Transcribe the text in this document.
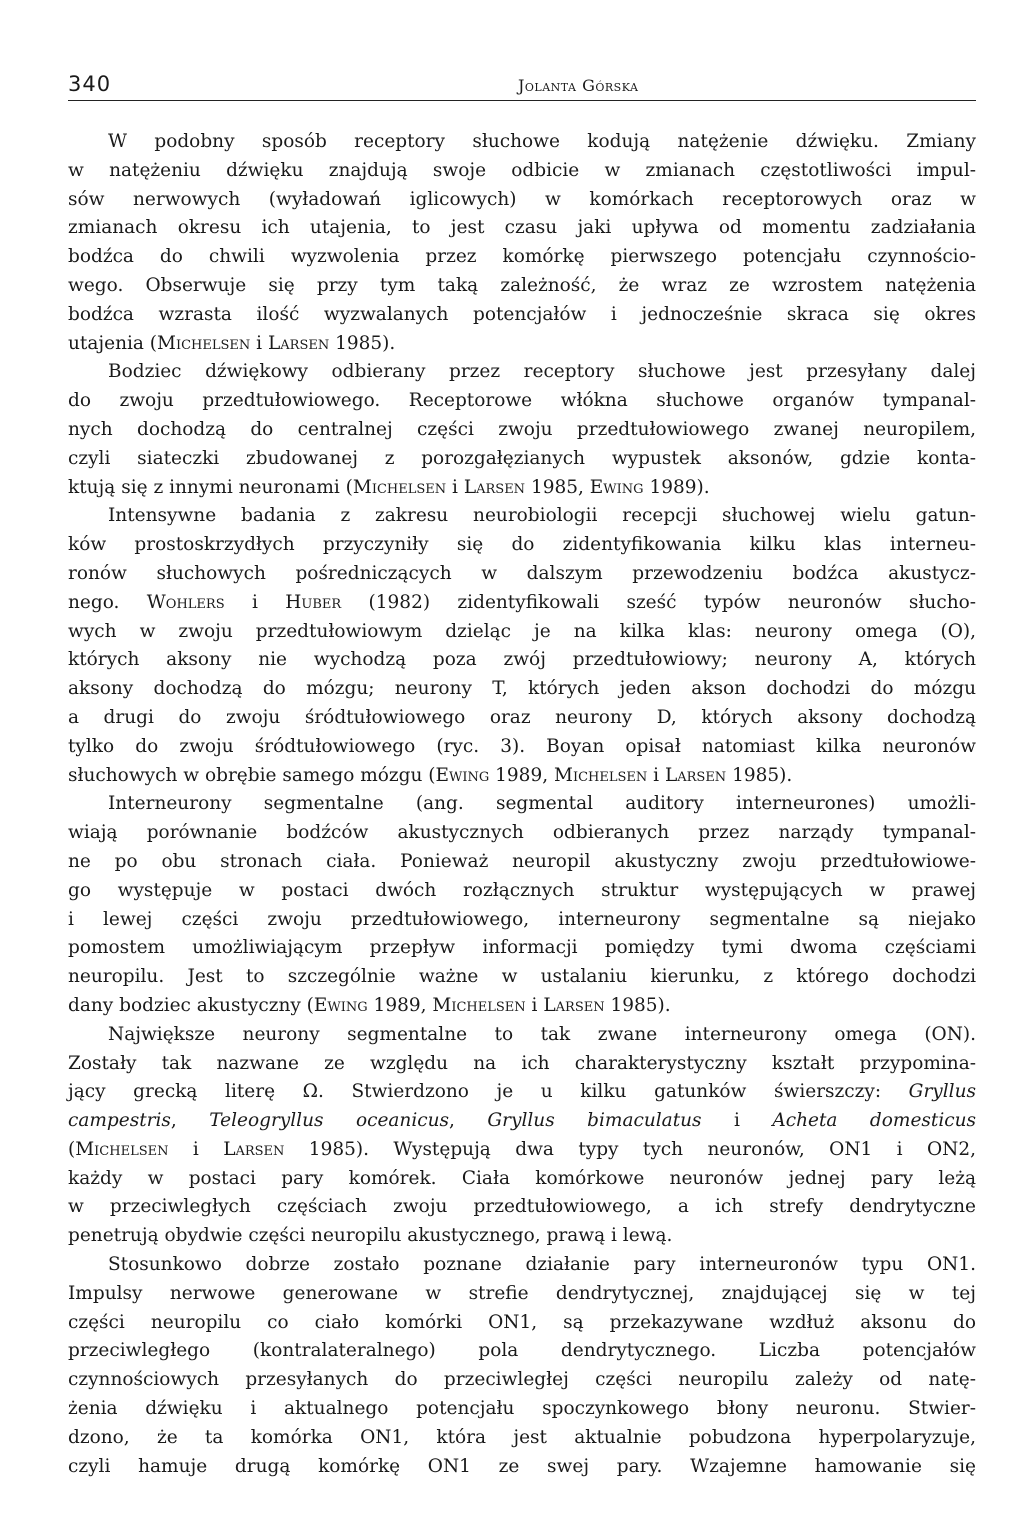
340	Jolanta Górska
W podobny sposób receptory słuchowe kodują natężenie dźwięku. Zmiany
w natężeniu dźwięku znajdują swoje odbicie w zmianach częstotliwości impul-
sów nerwowych (wyładowań iglicowych) w komórkach receptorowych oraz w
zmianach okresu ich utajenia, to jest czasu jaki upływa od momentu zadziałania
bodźca do chwili wyzwolenia przez komórkę pierwszego potencjału czynnościo-
wego. Obserwuje się przy tym taką zależność, że wraz ze wzrostem natężenia
bodźca wzrasta ilość wyzwalanych potencjałów i jednocześnie skraca się okres
utajenia (Michelsen i Larsen 1985).
Bodziec dźwiękowy odbierany przez receptory słuchowe jest przesyłany dalej
do zwoju przedtułowiowego. Receptorowe włókna słuchowe organów tympanal-
nych dochodzą do centralnej części zwoju przedtułowiowego zwanej neuropilem,
czyli siateczki zbudowanej z porozgałęzianych wypustek aksonów, gdzie konta-
ktują się z innymi neuronami (Michelsen i Larsen 1985, Ewing 1989).
Intensywne badania z zakresu neurobiologii recepcji słuchowej wielu gatun-
ków prostoskrzydłych przyczyniły się do zidentyfikowania kilku klas interneu-
ronów słuchowych pośredniczących w dalszym przewodzeniu bodźca akustycz-
nego. Wohlers i Huber (1982) zidentyfikowali sześć typów neuronów słucho-
wych w zwoju przedtułowiowym dzieląc je na kilka klas: neurony omega (O),
których aksony nie wychodzą poza zwój przedtułowiowy; neurony A, których
aksony dochodzą do mózgu; neurony T, których jeden akson dochodzi do mózgu
a drugi do zwoju śródtułowiowego oraz neurony D, których aksony dochodzą
tylko do zwoju śródtułowiowego (ryc. 3). Boyan opisał natomiast kilka neuronów
słuchowych w obrębie samego mózgu (Ewing 1989, Michelsen i Larsen 1985).
Interneurony segmentalne (ang. segmental auditory interneurones) umożli-
wiają porównanie bodźców akustycznych odbieranych przez narządy tympanal-
ne po obu stronach ciała. Ponieważ neuropil akustyczny zwoju przedtułowiowe-
go występuje w postaci dwóch rozłącznych struktur występujących w prawej
i lewej części zwoju przedtułowiowego, interneurony segmentalne są niejako
pomostem umożliwiającym przepływ informacji pomiędzy tymi dwoma częściami
neuropilu. Jest to szczególnie ważne w ustalaniu kierunku, z którego dochodzi
dany bodziec akustyczny (Ewing 1989, Michelsen i Larsen 1985).
Największe neurony segmentalne to tak zwane interneurony omega (ON).
Zostały tak nazwane ze względu na ich charakterystyczny kształt przypomina-
jący grecką literę Ω. Stwierdzono je u kilku gatunków świerszczy: Gryllus
campestris, Teleogryllus oceanicus, Gryllus bimaculatus i Acheta domesticus
(Michelsen i Larsen 1985). Występują dwa typy tych neuronów, ON1 i ON2,
każdy w postaci pary komórek. Ciała komórkowe neuronów jednej pary leżą
w przeciwległych częściach zwoju przedtułowiowego, a ich strefy dendrytyczne
penetrują obydwie części neuropilu akustycznego, prawą i lewą.
Stosunkowo dobrze zostało poznane działanie pary interneuronów typu ON1.
Impulsy nerwowe generowane w strefie dendrytycznej, znajdującej się w tej
części neuropilu co ciało komórki ON1, są przekazywane wzdłuż aksonu do
przeciwległego (kontralateralnego) pola dendrytycznego. Liczba potencjałów
czynnościowych przesyłanych do przeciwległej części neuropilu zależy od natę-
żenia dźwięku i aktualnego potencjału spoczynkowego błony neuronu. Stwier-
dzono, że ta komórka ON1, która jest aktualnie pobudzona hyperpolaryzuje,
czyli hamuje drugą komórkę ON1 ze swej pary. Wzajemne hamowanie się
